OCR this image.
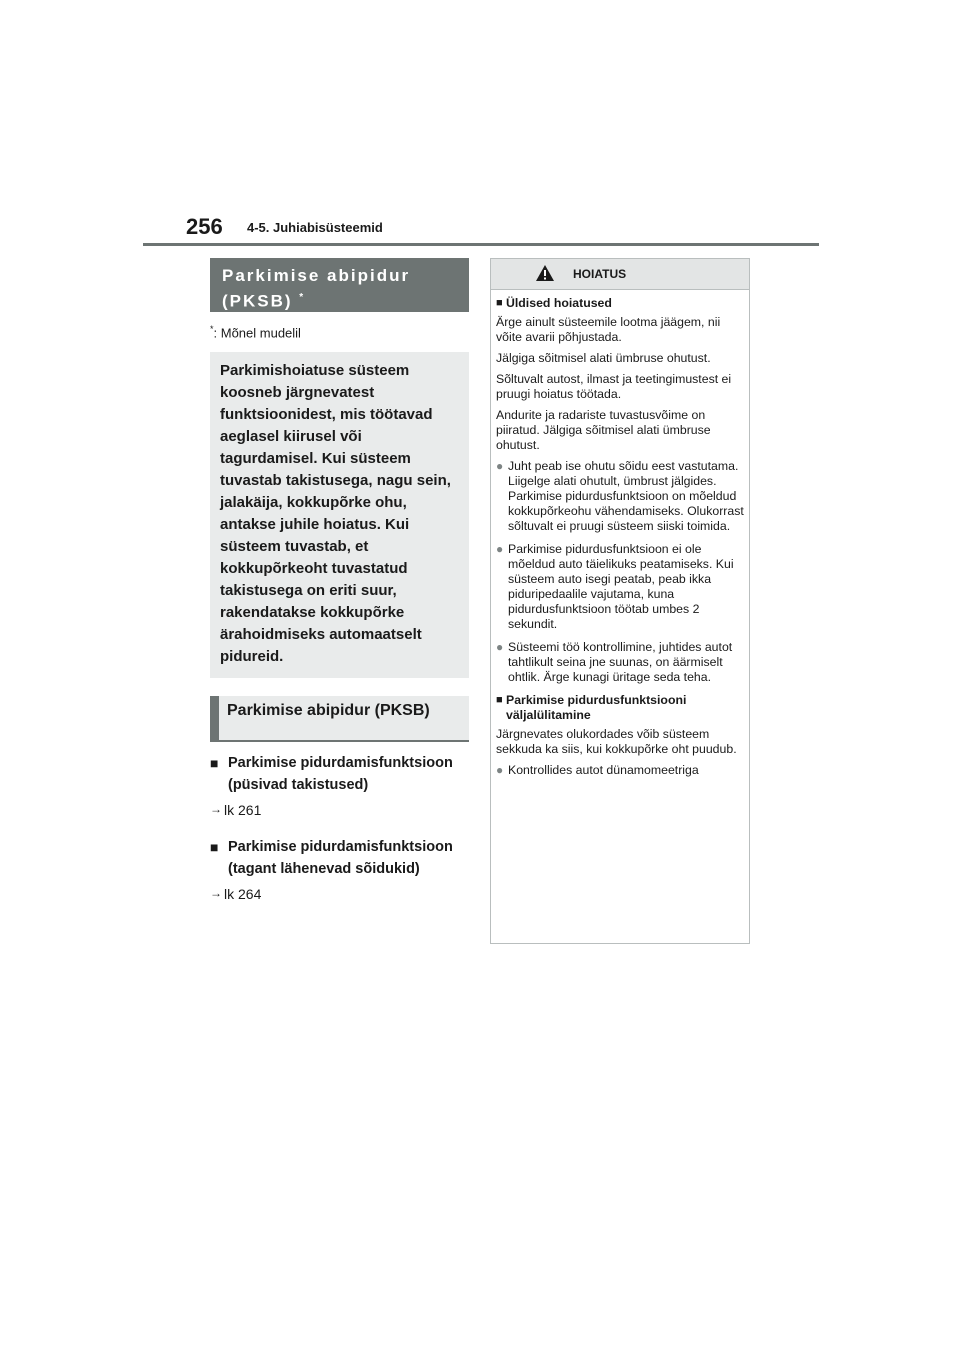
256 4-5. Juhiabisüsteemid
Parkimise abipidur
(PKSB) *
*: Mõnel mudelil
Parkimishoiatuse süsteem koosneb järgnevatest funktsioonidest, mis töötavad aeglasel kiirusel või tagurdamisel. Kui süsteem tuvastab takistusega, nagu sein, jalakäija, kokkupõrke ohu, antakse juhile hoiatus. Kui süsteem tuvastab, et kokkupõrkeoht tuvastatud takistusega on eriti suur, rakendatakse kokkupõrke ärahoidmiseks automaatselt pidureid.
Parkimise abipidur (PKSB)
■ Parkimise pidurdamisfunktsioon (püsivad takistused)
→ lk 261
■ Parkimise pidurdamisfunktsioon (tagant lähenevad sõidukid)
→ lk 264
HOIATUS
■ Üldised hoiatused

Ärge ainult süsteemile lootma jäägem, nii võite avarii põhjustada.

Jälgiga sõitmisel alati ümbruse ohutust.

Sõltuvalt autost, ilmast ja teetingimustest ei pruugi hoiatus töötada.

Andurite ja radariste tuvastusvõime on piiratud. Jälgiga sõitmisel alati ümbruse ohutust.

● Juht peab ise ohutu sõidu eest vastutama. Liigelge alati ohutult, ümbrust jälgides. Parkimise pidurdusfunktsioon on mõeldud kokkupõrkeohu vähendamiseks. Olukorrast sõltuvalt ei pruugi süsteem siiski toimida.
● Parkimise pidurdusfunktsioon ei ole mõeldud auto täielikuks peatamiseks. Kui süsteem auto isegi peatab, peab ikka piduripedaalile vajutama, kuna pidurdusfunktsioon töötab umbes 2 sekundit.
● Süsteemi töö kontrollimine, juhtides autot tahtlikult seina jne suunas, on äärmiselt ohtlik. Ärge kunagi üritage seda teha.
■ Parkimise pidurdusfunktsiooni väljalülitamine

Järgnevates olukordades võib süsteem sekkuda ka siis, kui kokkupõrke oht puudub.

● Kontrollides autot dünamomeetriga
